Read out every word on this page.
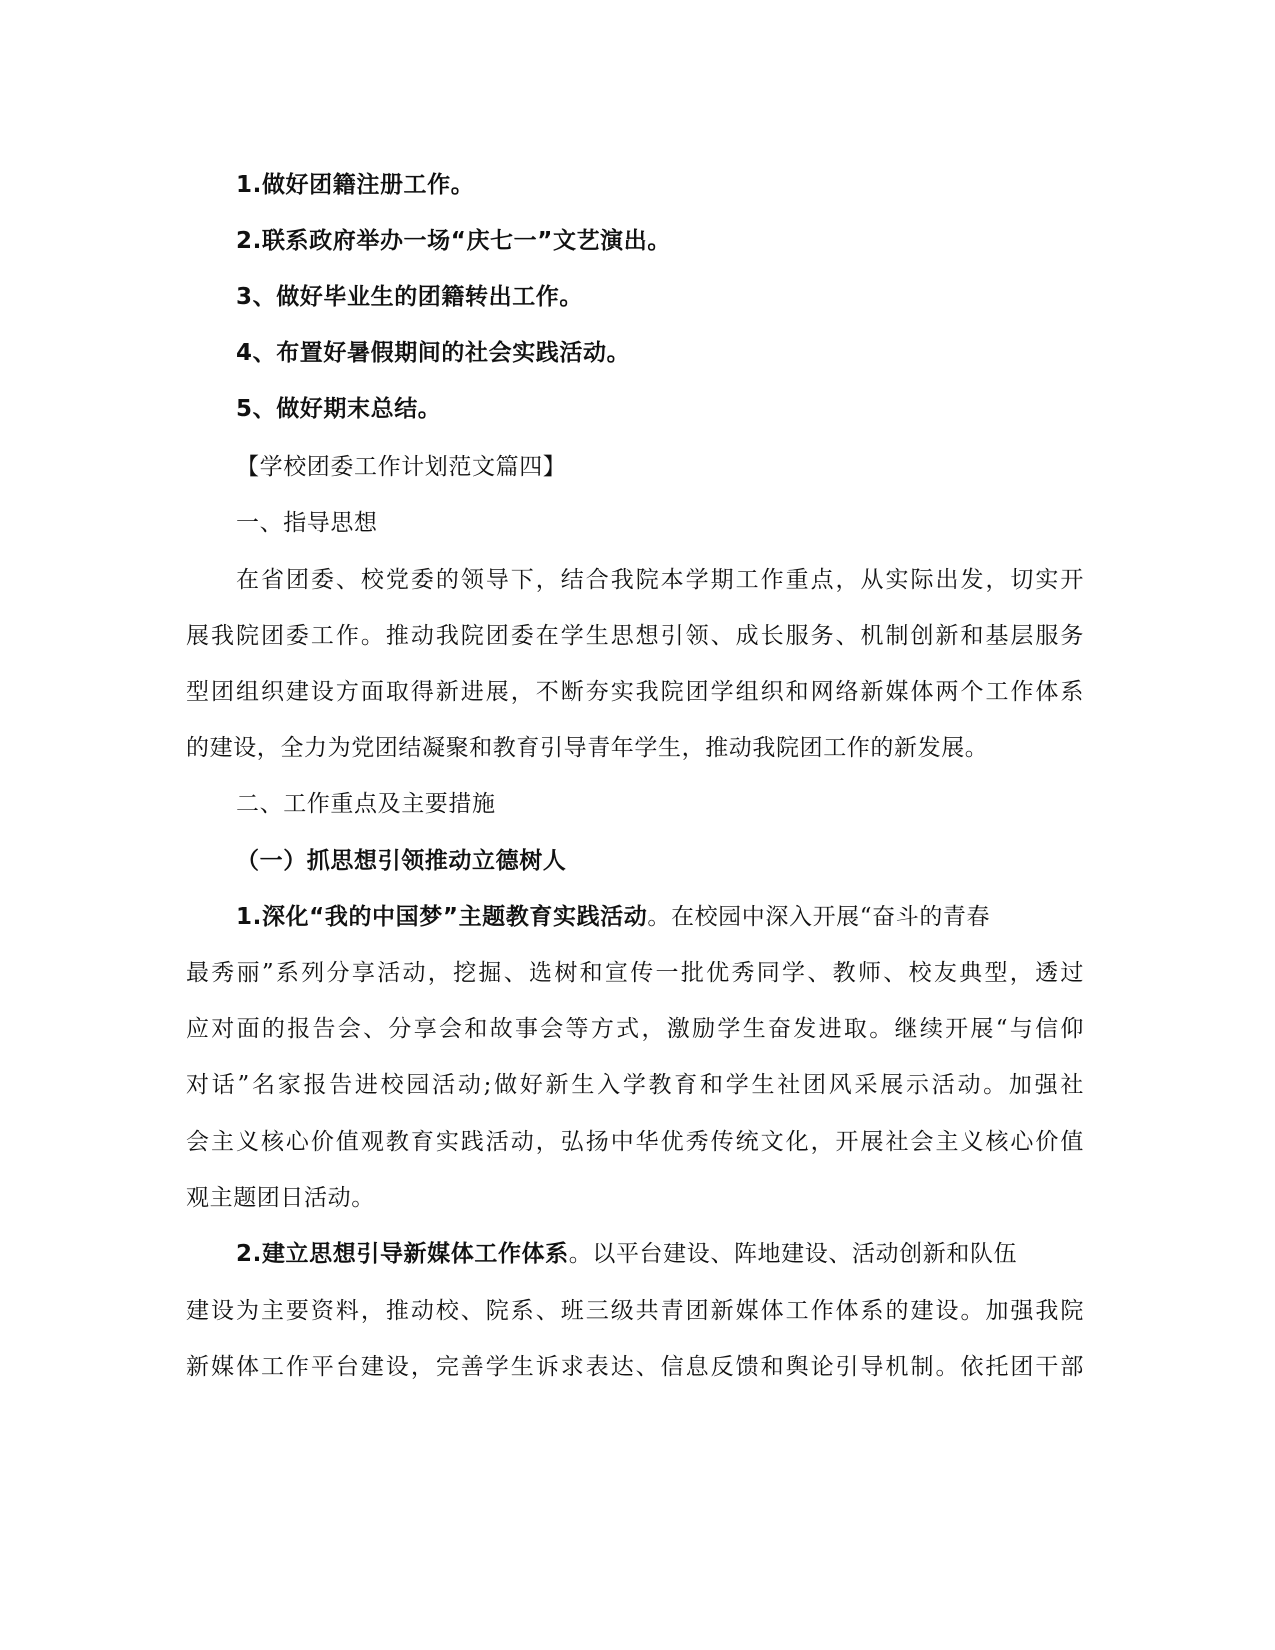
1.做好团籍注册工作。
2.联系政府举办一场“庆七一”文艺演出。
3、做好毕业生的团籍转出工作。
4、布置好暑假期间的社会实践活动。
5、做好期末总结。
【学校团委工作计划范文篇四】
一、指导思想
在省团委、校党委的领导下，结合我院本学期工作重点，从实际出发，切实开
展我院团委工作。推动我院团委在学生思想引领、成长服务、机制创新和基层服务
型团组织建设方面取得新进展，不断夯实我院团学组织和网络新媒体两个工作体系
的建设，全力为党团结凝聚和教育引导青年学生，推动我院团工作的新发展。
二、工作重点及主要措施
（一）抓思想引领推动立德树人
1.深化“我的中国梦”主题教育实践活动。在校园中深入开展“奋斗的青春
最秀丽”系列分享活动，挖掘、选树和宣传一批优秀同学、教师、校友典型，透过
应对面的报告会、分享会和故事会等方式，激励学生奋发进取。继续开展“与信仰
对话”名家报告进校园活动;做好新生入学教育和学生社团风采展示活动。加强社
会主义核心价值观教育实践活动，弘扬中华优秀传统文化，开展社会主义核心价值
观主题团日活动。
2.建立思想引导新媒体工作体系。以平台建设、阵地建设、活动创新和队伍
建设为主要资料，推动校、院系、班三级共青团新媒体工作体系的建设。加强我院
新媒体工作平台建设，完善学生诉求表达、信息反馈和舆论引导机制。依托团干部
